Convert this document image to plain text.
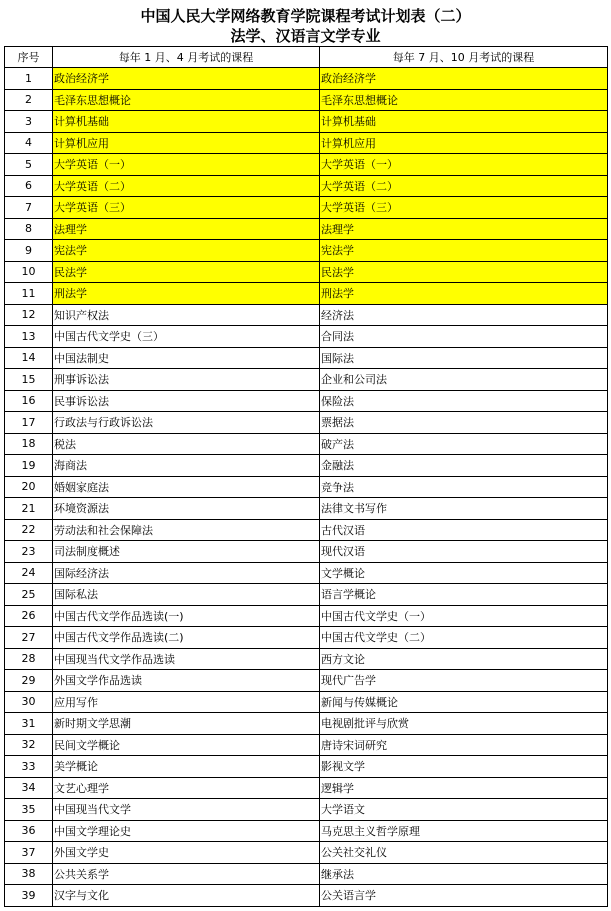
中国人民大学网络教育学院课程考试计划表（二）
法学、汉语言文学专业
序号	每年 1 月、4 月考试的课程	每年 7 月、10 月考试的课程
1	政治经济学	政治经济学
2	毛泽东思想概论	毛泽东思想概论
3	计算机基础	计算机基础
4	计算机应用	计算机应用
5	大学英语（一）	大学英语（一）
6	大学英语（二）	大学英语（二）
7	大学英语（三）	大学英语（三）
8	法理学	法理学
9	宪法学	宪法学
10	民法学	民法学
11	刑法学	刑法学
12	知识产权法	经济法
13	中国古代文学史（三）	合同法
14	中国法制史	国际法
15	刑事诉讼法	企业和公司法
16	民事诉讼法	保险法
17	行政法与行政诉讼法	票据法
18	税法	破产法
19	海商法	金融法
20	婚姻家庭法	竞争法
21	环境资源法	法律文书写作
22	劳动法和社会保障法	古代汉语
23	司法制度概述	现代汉语
24	国际经济法	文学概论
25	国际私法	语言学概论
26	中国古代文学作品选读(一)	中国古代文学史（一）
27	中国古代文学作品选读(二)	中国古代文学史（二）
28	中国现当代文学作品选读	西方文论
29	外国文学作品选读	现代广告学
30	应用写作	新闻与传媒概论
31	新时期文学思潮	电视剧批评与欣赏
32	民间文学概论	唐诗宋词研究
33	美学概论	影视文学
34	文艺心理学	逻辑学
35	中国现当代文学	大学语文
36	中国文学理论史	马克思主义哲学原理
37	外国文学史	公关社交礼仪
38	公共关系学	继承法
39	汉字与文化	公关语言学
